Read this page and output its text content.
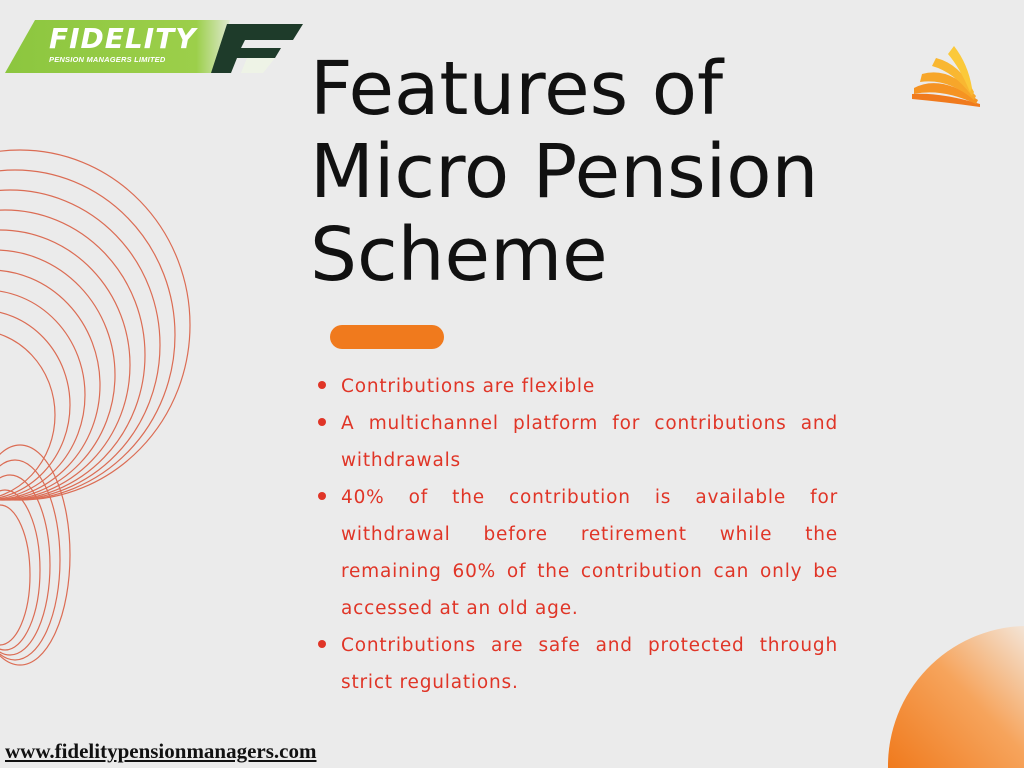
FIDELITY
PENSION MANAGERS LIMITED Features of
Micro Pension
Scheme
Contributions are flexible
A multichannel platform for contributions and withdrawals
40% of the contribution is available for withdrawal before retirement while the remaining 60% of the contribution can only be accessed at an old age.
Contributions are safe and protected through strict regulations.
www.fidelitypensionmanagers.com
